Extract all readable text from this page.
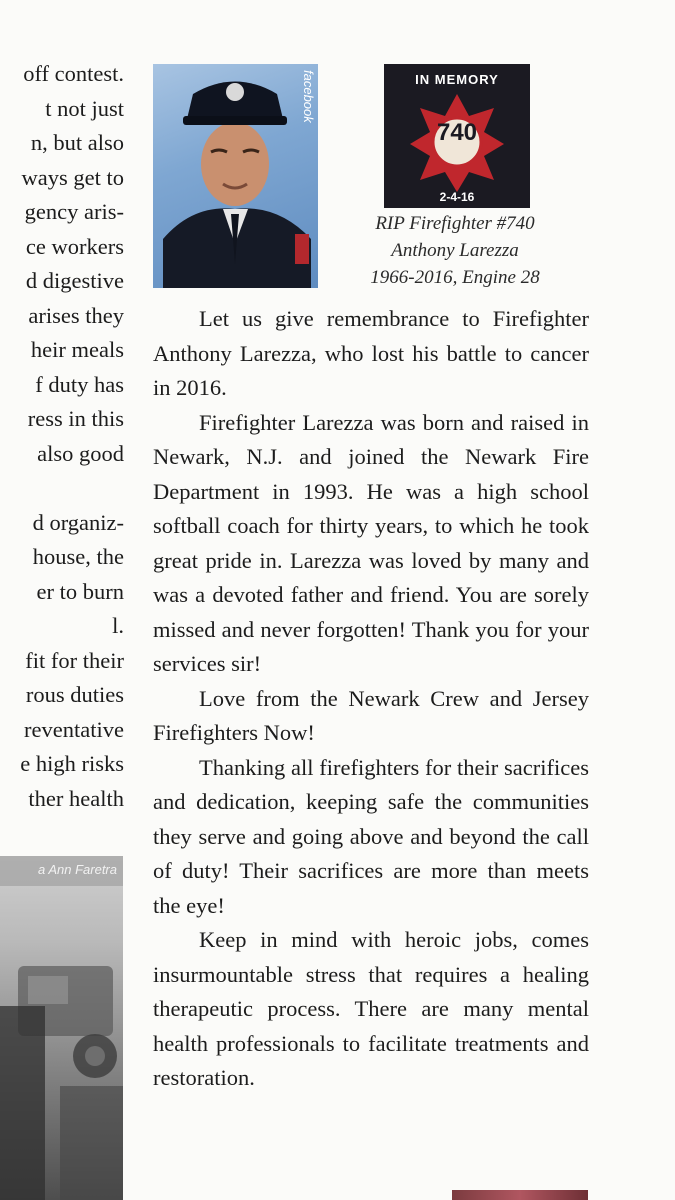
off contest.
t not just
n, but also
ways get to
gency aris-
ce workers
d digestive
arises they
heir meals
f duty has
ress in this
also good
d organiz-
house, the
er to burn
l.
fit for their
rous duties
reventative
e high risks
ther health
a Ann Faretra
facebook	IN MEMORY
740
2-4-16
RIP Firefighter #740
Anthony Larezza
1966-2016, Engine 28

Let us give remembrance to Firefighter Anthony Larezza, who lost his battle to cancer in 2016.

Firefighter Larezza was born and raised in Newark, N.J. and joined the Newark Fire Department in 1993. He was a high school softball coach for thirty years, to which he took great pride in. Larezza was loved by many and was a devoted father and friend. You are sorely missed and never forgotten! Thank you for your services sir!

Love from the Newark Crew and Jersey Firefighters Now!

Thanking all firefighters for their sacrifices and dedication, keeping safe the communities they serve and going above and beyond the call of duty! Their sacrifices are more than meets the eye!

Keep in mind with heroic jobs, comes insurmountable stress that requires a healing therapeutic process. There are many mental health professionals to facilitate treatments and restoration.
